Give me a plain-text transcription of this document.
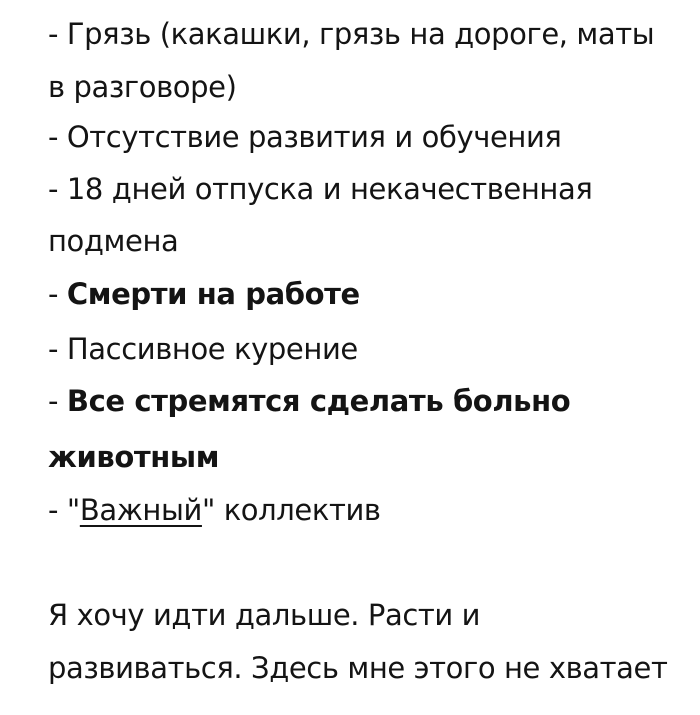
- Грязь (какашки, грязь на дороге, маты
в разговоре)
- Отсутствие развития и обучения
- 18 дней отпуска и некачественная
подмена
- Смерти на работе
- Пассивное курение
- Все стремятся сделать больно
животным
- "Важный" коллектив
Я хочу идти дальше. Расти и
развиваться. Здесь мне этого не хватает
